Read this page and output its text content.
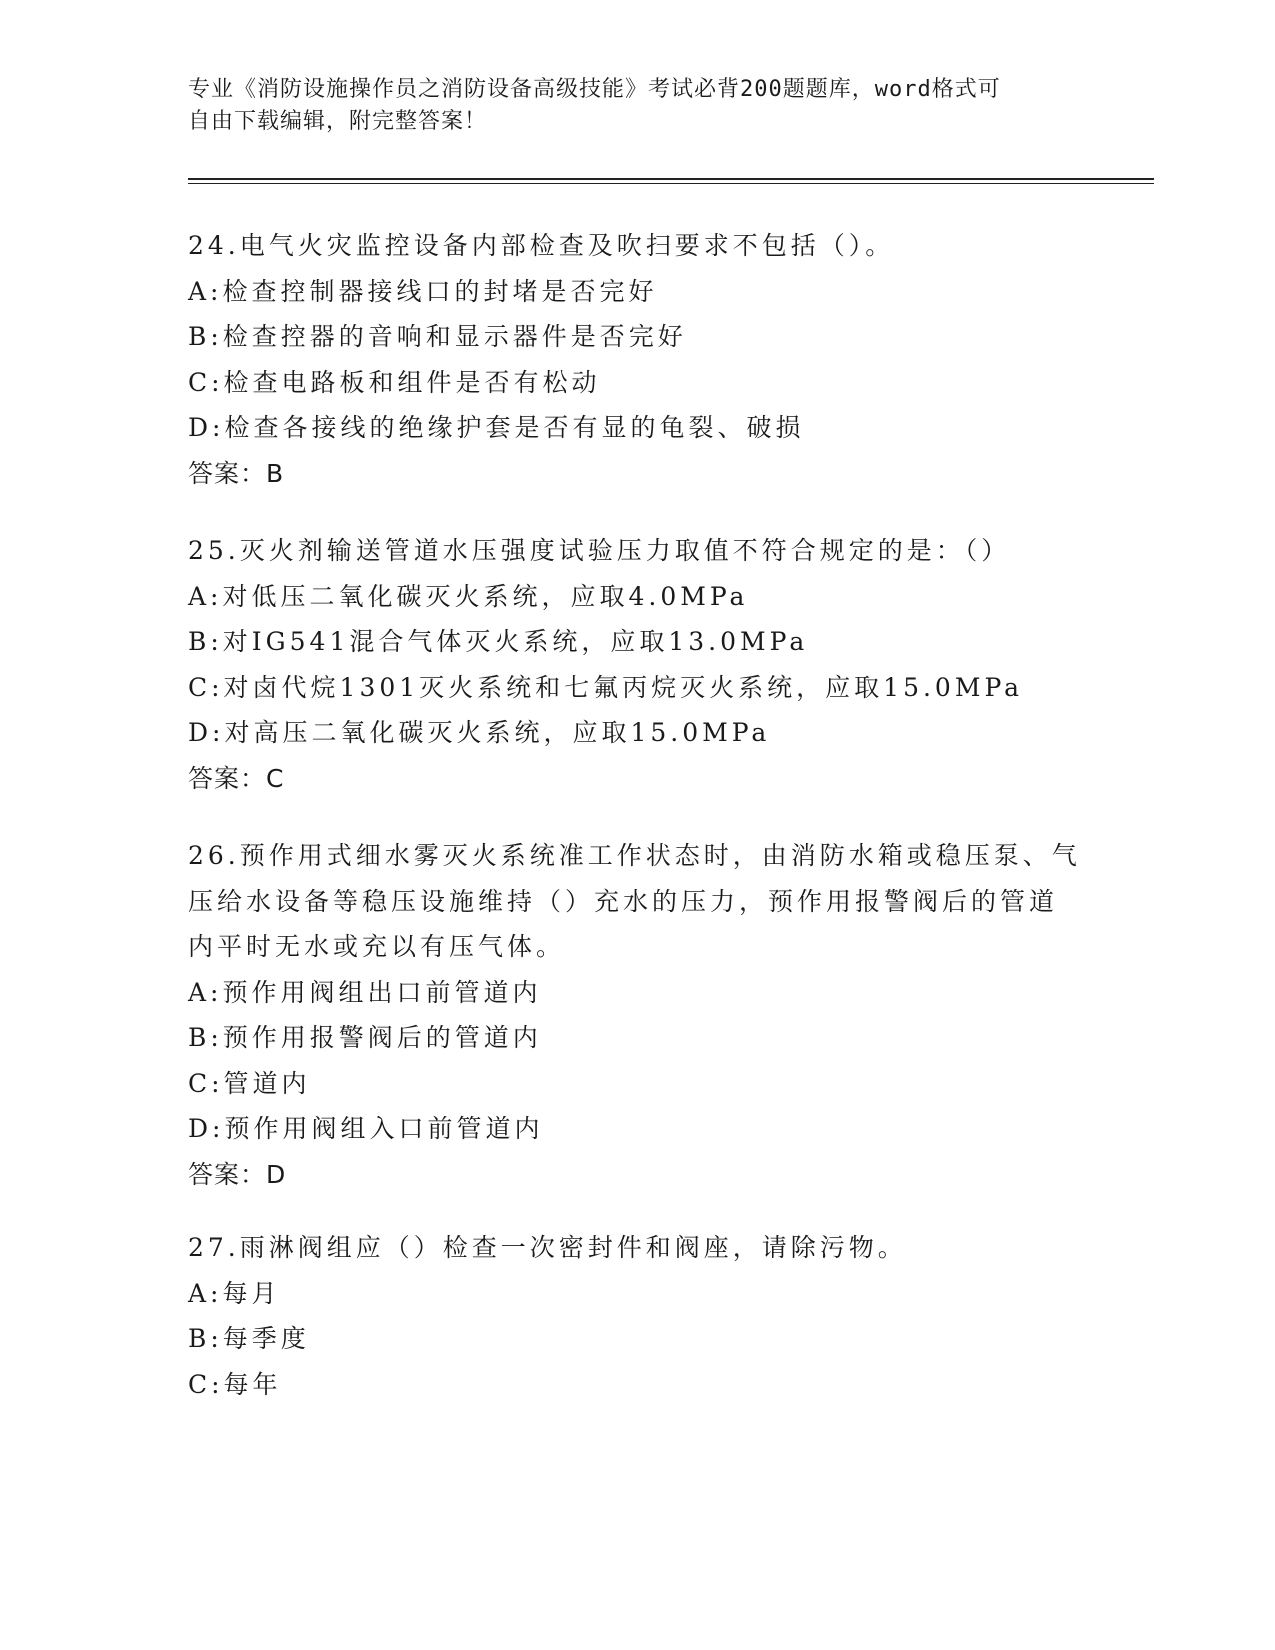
专业《消防设施操作员之消防设备高级技能》考试必背200题题库，word格式可
自由下载编辑，附完整答案！
24.电气火灾监控设备内部检查及吹扫要求不包括（）。
A:检查控制器接线口的封堵是否完好
B:检查控器的音响和显示器件是否完好
C:检查电路板和组件是否有松动
D:检查各接线的绝缘护套是否有显的龟裂、破损
答案：B
25.灭火剂输送管道水压强度试验压力取值不符合规定的是：（）
A:对低压二氧化碳灭火系统，应取4.0MPa
B:对IG541混合气体灭火系统，应取13.0MPa
C:对卤代烷1301灭火系统和七氟丙烷灭火系统，应取15.0MPa
D:对高压二氧化碳灭火系统，应取15.0MPa
答案：C
26.预作用式细水雾灭火系统准工作状态时，由消防水箱或稳压泵、气
压给水设备等稳压设施维持（）充水的压力，预作用报警阀后的管道
内平时无水或充以有压气体。
A:预作用阀组出口前管道内
B:预作用报警阀后的管道内
C:管道内
D:预作用阀组入口前管道内
答案：D
27.雨淋阀组应（）检查一次密封件和阀座，请除污物。
A:每月
B:每季度
C:每年
